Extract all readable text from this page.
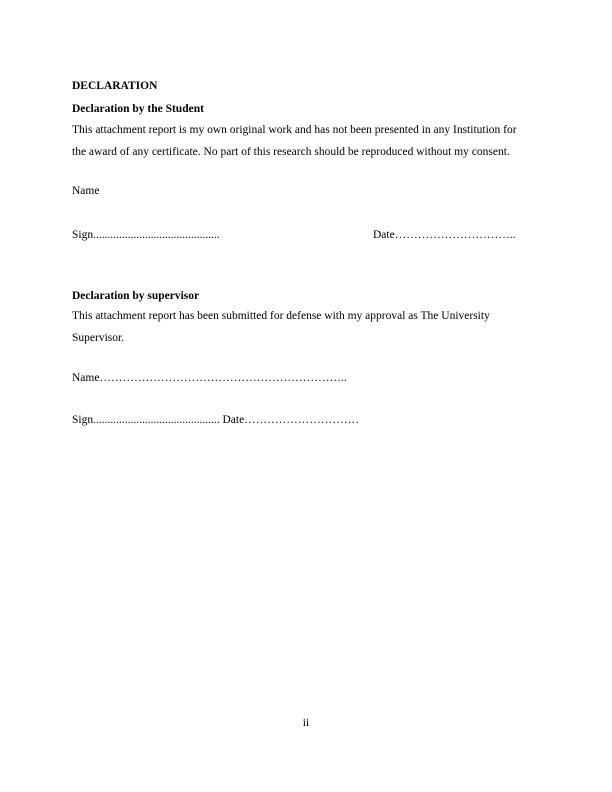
DECLARATION
Declaration by the Student
This attachment report is my own original work and has not been presented in any Institution for
the award of any certificate. No part of this research should be reproduced without my consent.
Name
Sign............................................	Date…………………………..
Declaration by supervisor
This attachment report has been submitted for defense with my approval as The University
Supervisor.
Name………………………………………………………..
Sign............................................ Date…………………………
ii
